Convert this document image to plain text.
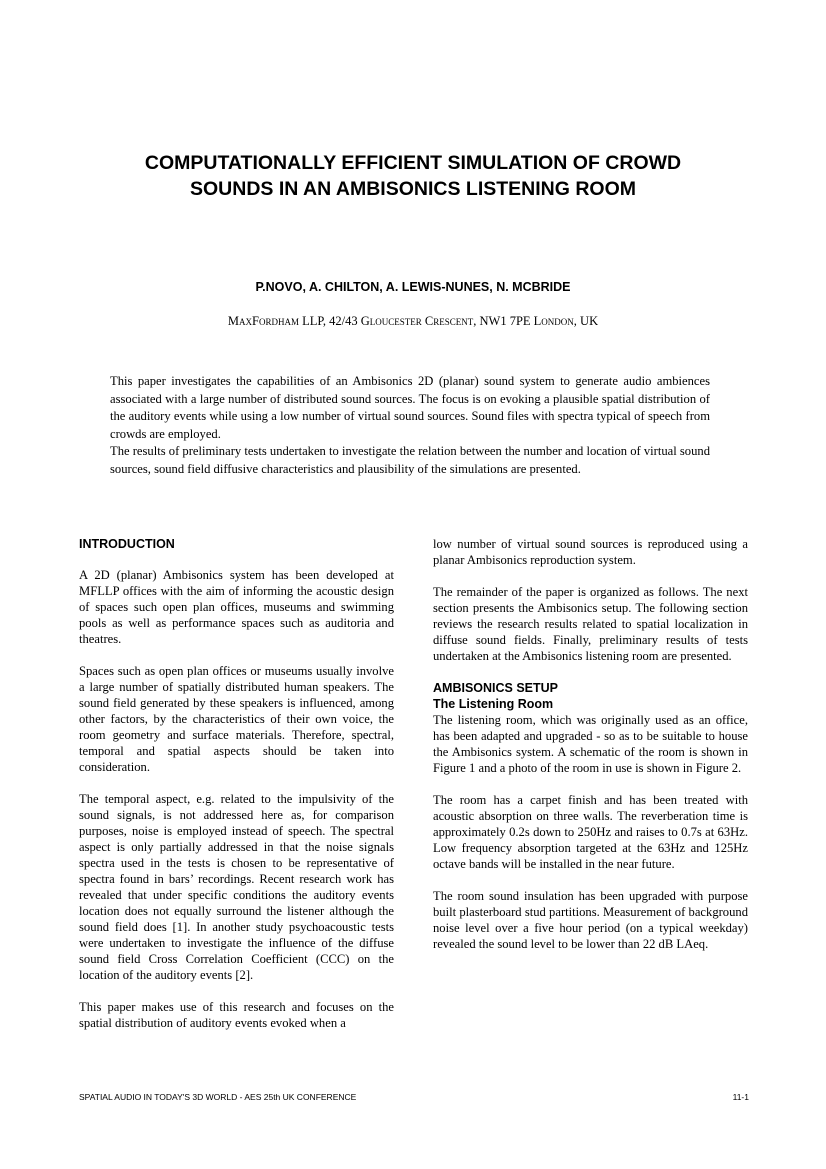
COMPUTATIONALLY EFFICIENT SIMULATION OF CROWD
SOUNDS IN AN AMBISONICS LISTENING ROOM

P.NOVO, A. CHILTON, A. LEWIS-NUNES, N. MCBRIDE

MaxFordham LLP, 42/43 Gloucester Crescent, NW1 7PE London, UK

This paper investigates the capabilities of an Ambisonics 2D (planar) sound system to generate audio ambiences associated with a large number of distributed sound sources. The focus is on evoking a plausible spatial distribution of the auditory events while using a low number of virtual sound sources. Sound files with spectra typical of speech from crowds are employed.

The results of preliminary tests undertaken to investigate the relation between the number and location of virtual sound sources, sound field diffusive characteristics and plausibility of the simulations are presented.

INTRODUCTION

A 2D (planar) Ambisonics system has been developed at MFLLP offices with the aim of informing the acoustic design of spaces such open plan offices, museums and swimming pools as well as performance spaces such as auditoria and theatres.

Spaces such as open plan offices or museums usually involve a large number of spatially distributed human speakers. The sound field generated by these speakers is influenced, among other factors, by the characteristics of their own voice, the room geometry and surface materials. Therefore, spectral, temporal and spatial aspects should be taken into consideration.

The temporal aspect, e.g. related to the impulsivity of the sound signals, is not addressed here as, for comparison purposes, noise is employed instead of speech. The spectral aspect is only partially addressed in that the noise signals spectra used in the tests is chosen to be representative of spectra found in bars’ recordings. Recent research work has revealed that under specific conditions the auditory events location does not equally surround the listener although the sound field does [1]. In another study psychoacoustic tests were undertaken to investigate the influence of the diffuse sound field Cross Correlation Coefficient (CCC) on the location of the auditory events [2].

This paper makes use of this research and focuses on the spatial distribution of auditory events evoked when a

low number of virtual sound sources is reproduced using a planar Ambisonics reproduction system.

The remainder of the paper is organized as follows. The next section presents the Ambisonics setup. The following section reviews the research results related to spatial localization in diffuse sound fields. Finally, preliminary results of tests undertaken at the Ambisonics listening room are presented.

AMBISONICS SETUP
The Listening Room

The listening room, which was originally used as an office, has been adapted and upgraded - so as to be suitable to house the Ambisonics system. A schematic of the room is shown in Figure 1 and a photo of the room in use is shown in Figure 2.

The room has a carpet finish and has been treated with acoustic absorption on three walls. The reverberation time is approximately 0.2s down to 250Hz and raises to 0.7s at 63Hz. Low frequency absorption targeted at the 63Hz and 125Hz octave bands will be installed in the near future.

The room sound insulation has been upgraded with purpose built plasterboard stud partitions. Measurement of background noise level over a five hour period (on a typical weekday) revealed the sound level to be lower than 22 dB LAeq.

SPATIAL AUDIO IN TODAY'S 3D WORLD - AES 25th UK CONFERENCE	11-1
